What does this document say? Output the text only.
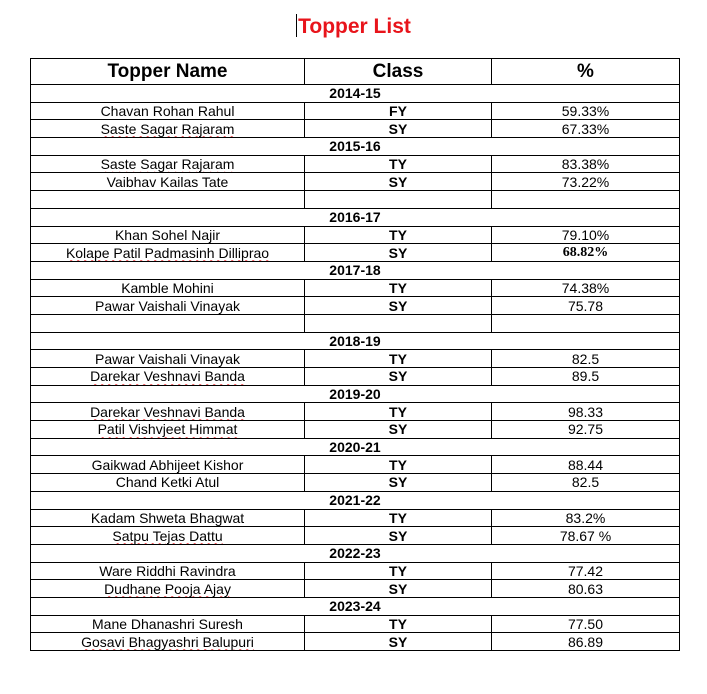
Topper List
Topper Name	Class	%
2014-15		
Chavan Rohan Rahul	FY	59.33%
Saste Sagar Rajaram	SY	67.33%
2015-16		
Saste Sagar Rajaram	TY	83.38%
Vaibhav Kailas Tate	SY	73.22%

2016-17		
Khan Sohel Najir	TY	79.10%
Kolape Patil Padmasinh Dilliprao	SY	68.82%
2017-18		
Kamble Mohini	TY	74.38%
Pawar Vaishali Vinayak	SY	75.78

2018-19		
Pawar Vaishali Vinayak	TY	82.5
Darekar Veshnavi Banda	SY	89.5
2019-20		
Darekar Veshnavi Banda	TY	98.33
Patil Vishvjeet Himmat	SY	92.75
2020-21		
Gaikwad Abhijeet Kishor	TY	88.44
Chand Ketki Atul	SY	82.5
2021-22		
Kadam Shweta Bhagwat	TY	83.2%
Satpu Tejas Dattu	SY	78.67 %
2022-23		
Ware Riddhi Ravindra	TY	77.42
Dudhane Pooja Ajay	SY	80.63
2023-24		
Mane Dhanashri Suresh	TY	77.50
Gosavi Bhagyashri Balupuri	SY	86.89
